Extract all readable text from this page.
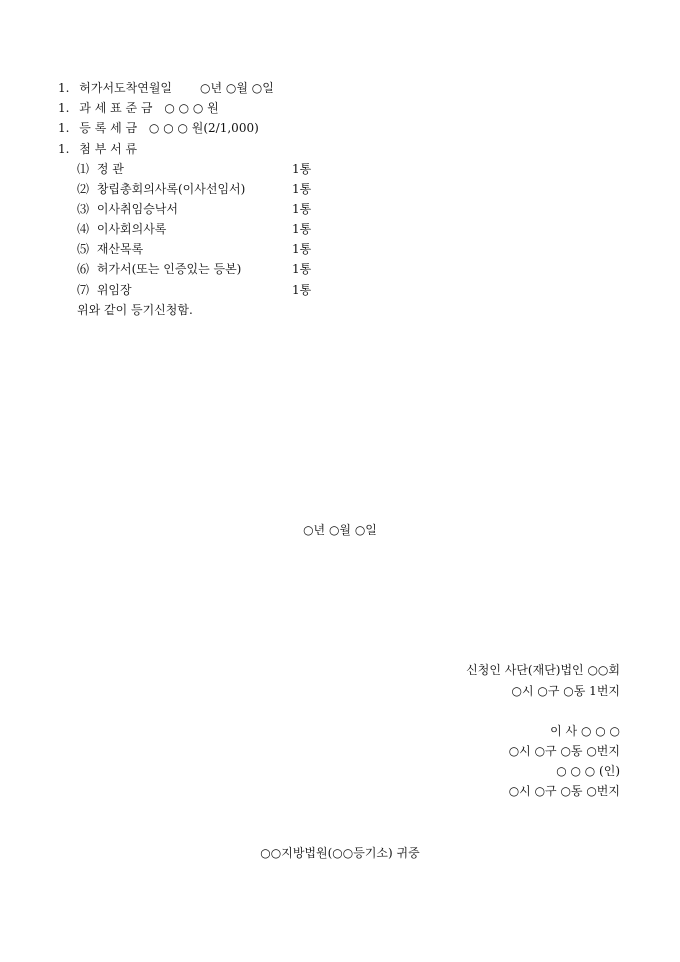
1. 허가서도착연월일 ○년 ○월 ○일
1. 과 세 표 준 금 ○ ○ ○ 원
1. 등 록 세 금 ○ ○ ○ 원(2/1,000)
1. 첨 부 서 류
⑴ 정 관	1통
⑵ 창립총회의사록(이사선임서)	1통
⑶ 이사취임승낙서	1통
⑷ 이사회의사록	1통
⑸ 재산목록	1통
⑹ 허가서(또는 인증있는 등본)	1통
⑺ 위임장	1통
위와 같이 등기신청함.
○년 ○월 ○일
신청인 사단(재단)법인 ○○회
○시 ○구 ○동 1번지
이 사 ○ ○ ○
○시 ○구 ○동 ○번지
○ ○ ○ (인)
○시 ○구 ○동 ○번지
○○지방법원(○○등기소) 귀중
